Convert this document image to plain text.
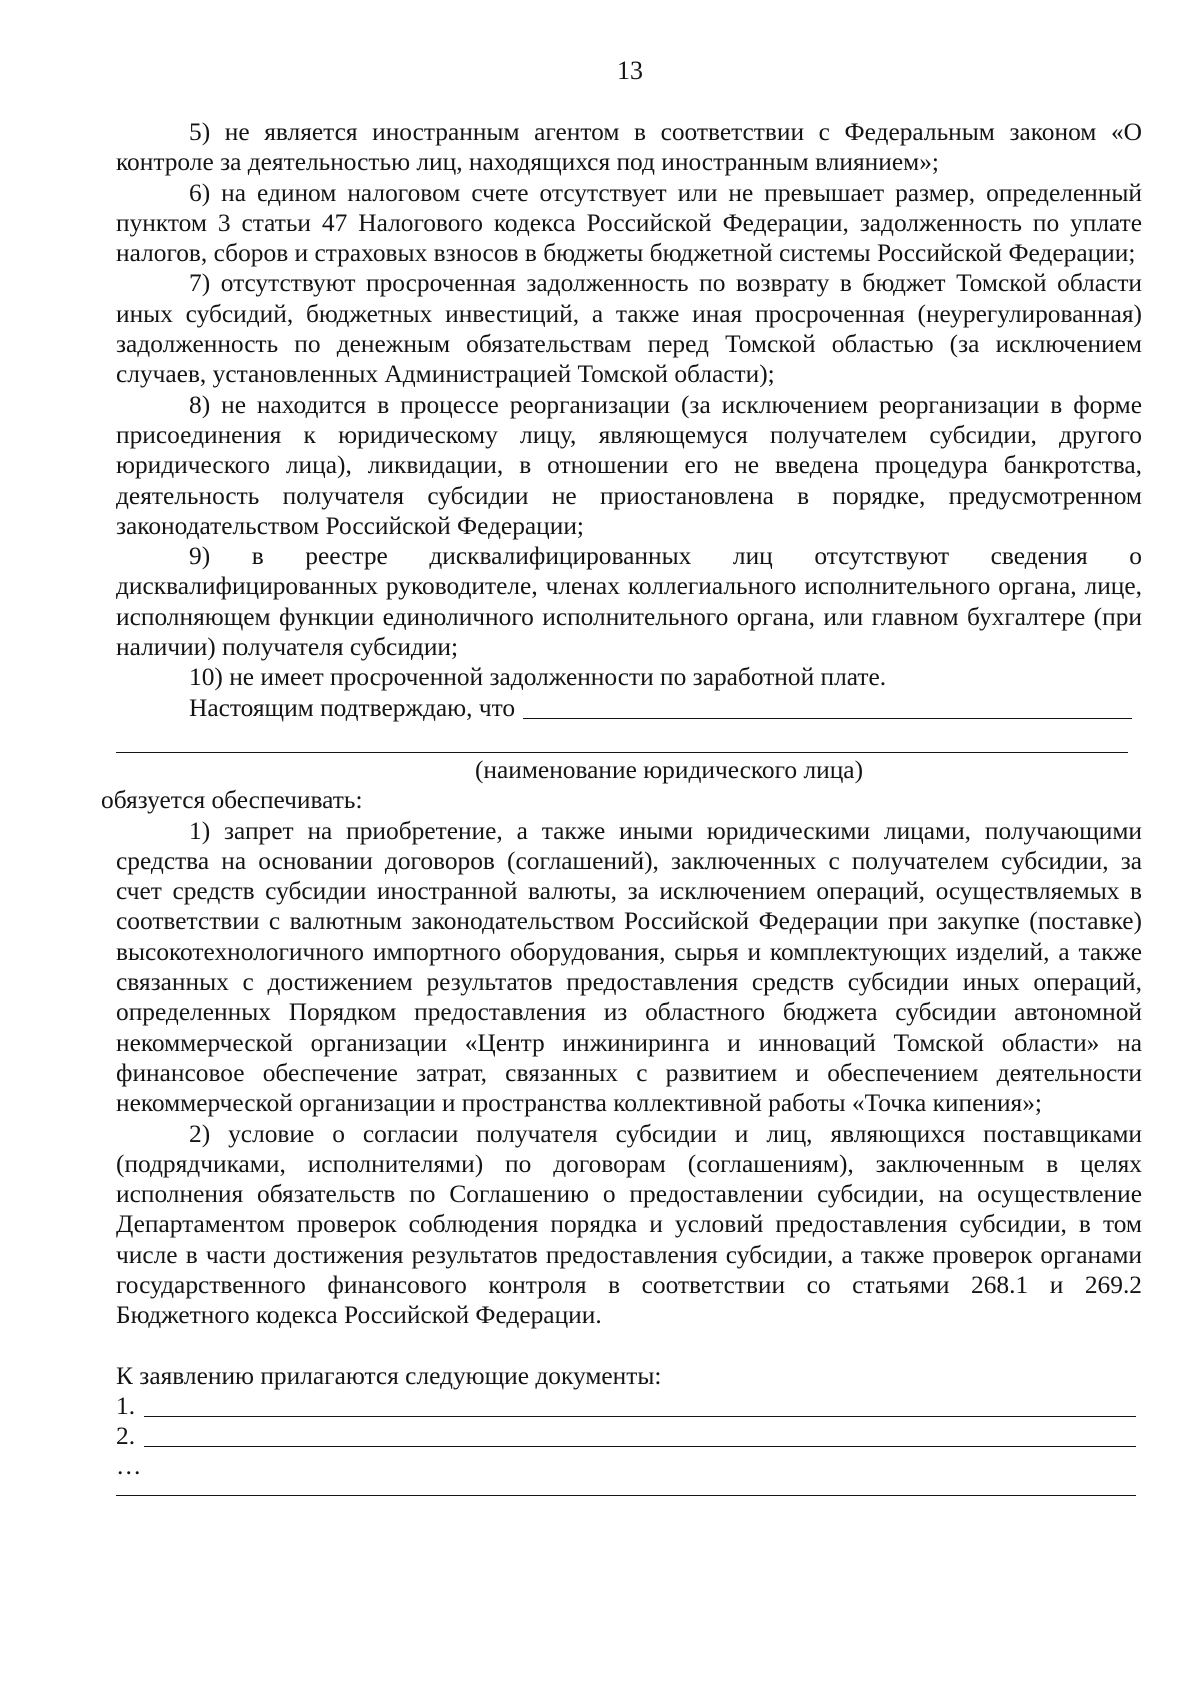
13

5) не является иностранным агентом в соответствии с Федеральным законом «О контроле за деятельностью лиц, находящихся под иностранным влиянием»;

6) на едином налоговом счете отсутствует или не превышает размер, определенный пунктом 3 статьи 47 Налогового кодекса Российской Федерации, задолженность по уплате налогов, сборов и страховых взносов в бюджеты бюджетной системы Российской Федерации;

7) отсутствуют просроченная задолженность по возврату в бюджет Томской области иных субсидий, бюджетных инвестиций, а также иная просроченная (неурегулированная) задолженность по денежным обязательствам перед Томской областью (за исключением случаев, установленных Администрацией Томской области);

8) не находится в процессе реорганизации (за исключением реорганизации в форме присоединения к юридическому лицу, являющемуся получателем субсидии, другого юридического лица), ликвидации, в отношении его не введена процедура банкротства, деятельность получателя субсидии не приостановлена в порядке, предусмотренном законодательством Российской Федерации;

9) в реестре дисквалифицированных лиц отсутствуют сведения о дисквалифицированных руководителе, членах коллегиального исполнительного органа, лице, исполняющем функции единоличного исполнительного органа, или главном бухгалтере (при наличии) получателя субсидии;

10) не имеет просроченной задолженности по заработной плате.

Настоящим подтверждаю, что

(наименование юридического лица)

обязуется обеспечивать:

1) запрет на приобретение, а также иными юридическими лицами, получающими средства на основании договоров (соглашений), заключенных с получателем субсидии, за счет средств субсидии иностранной валюты, за исключением операций, осуществляемых в соответствии с валютным законодательством Российской Федерации при закупке (поставке) высокотехнологичного импортного оборудования, сырья и комплектующих изделий, а также связанных с достижением результатов предоставления средств субсидии иных операций, определенных Порядком предоставления из областного бюджета субсидии автономной некоммерческой организации «Центр инжиниринга и инноваций Томской области» на финансовое обеспечение затрат, связанных с развитием и обеспечением деятельности некоммерческой организации и пространства коллективной работы «Точка кипения»;

2) условие о согласии получателя субсидии и лиц, являющихся поставщиками (подрядчиками, исполнителями) по договорам (соглашениям), заключенным в целях исполнения обязательств по Соглашению о предоставлении субсидии, на осуществление Департаментом проверок соблюдения порядка и условий предоставления субсидии, в том числе в части достижения результатов предоставления субсидии, а также проверок органами государственного финансового контроля в соответствии со статьями 268.1 и 269.2 Бюджетного кодекса Российской Федерации.

К заявлению прилагаются следующие документы:

1.
2.

…
